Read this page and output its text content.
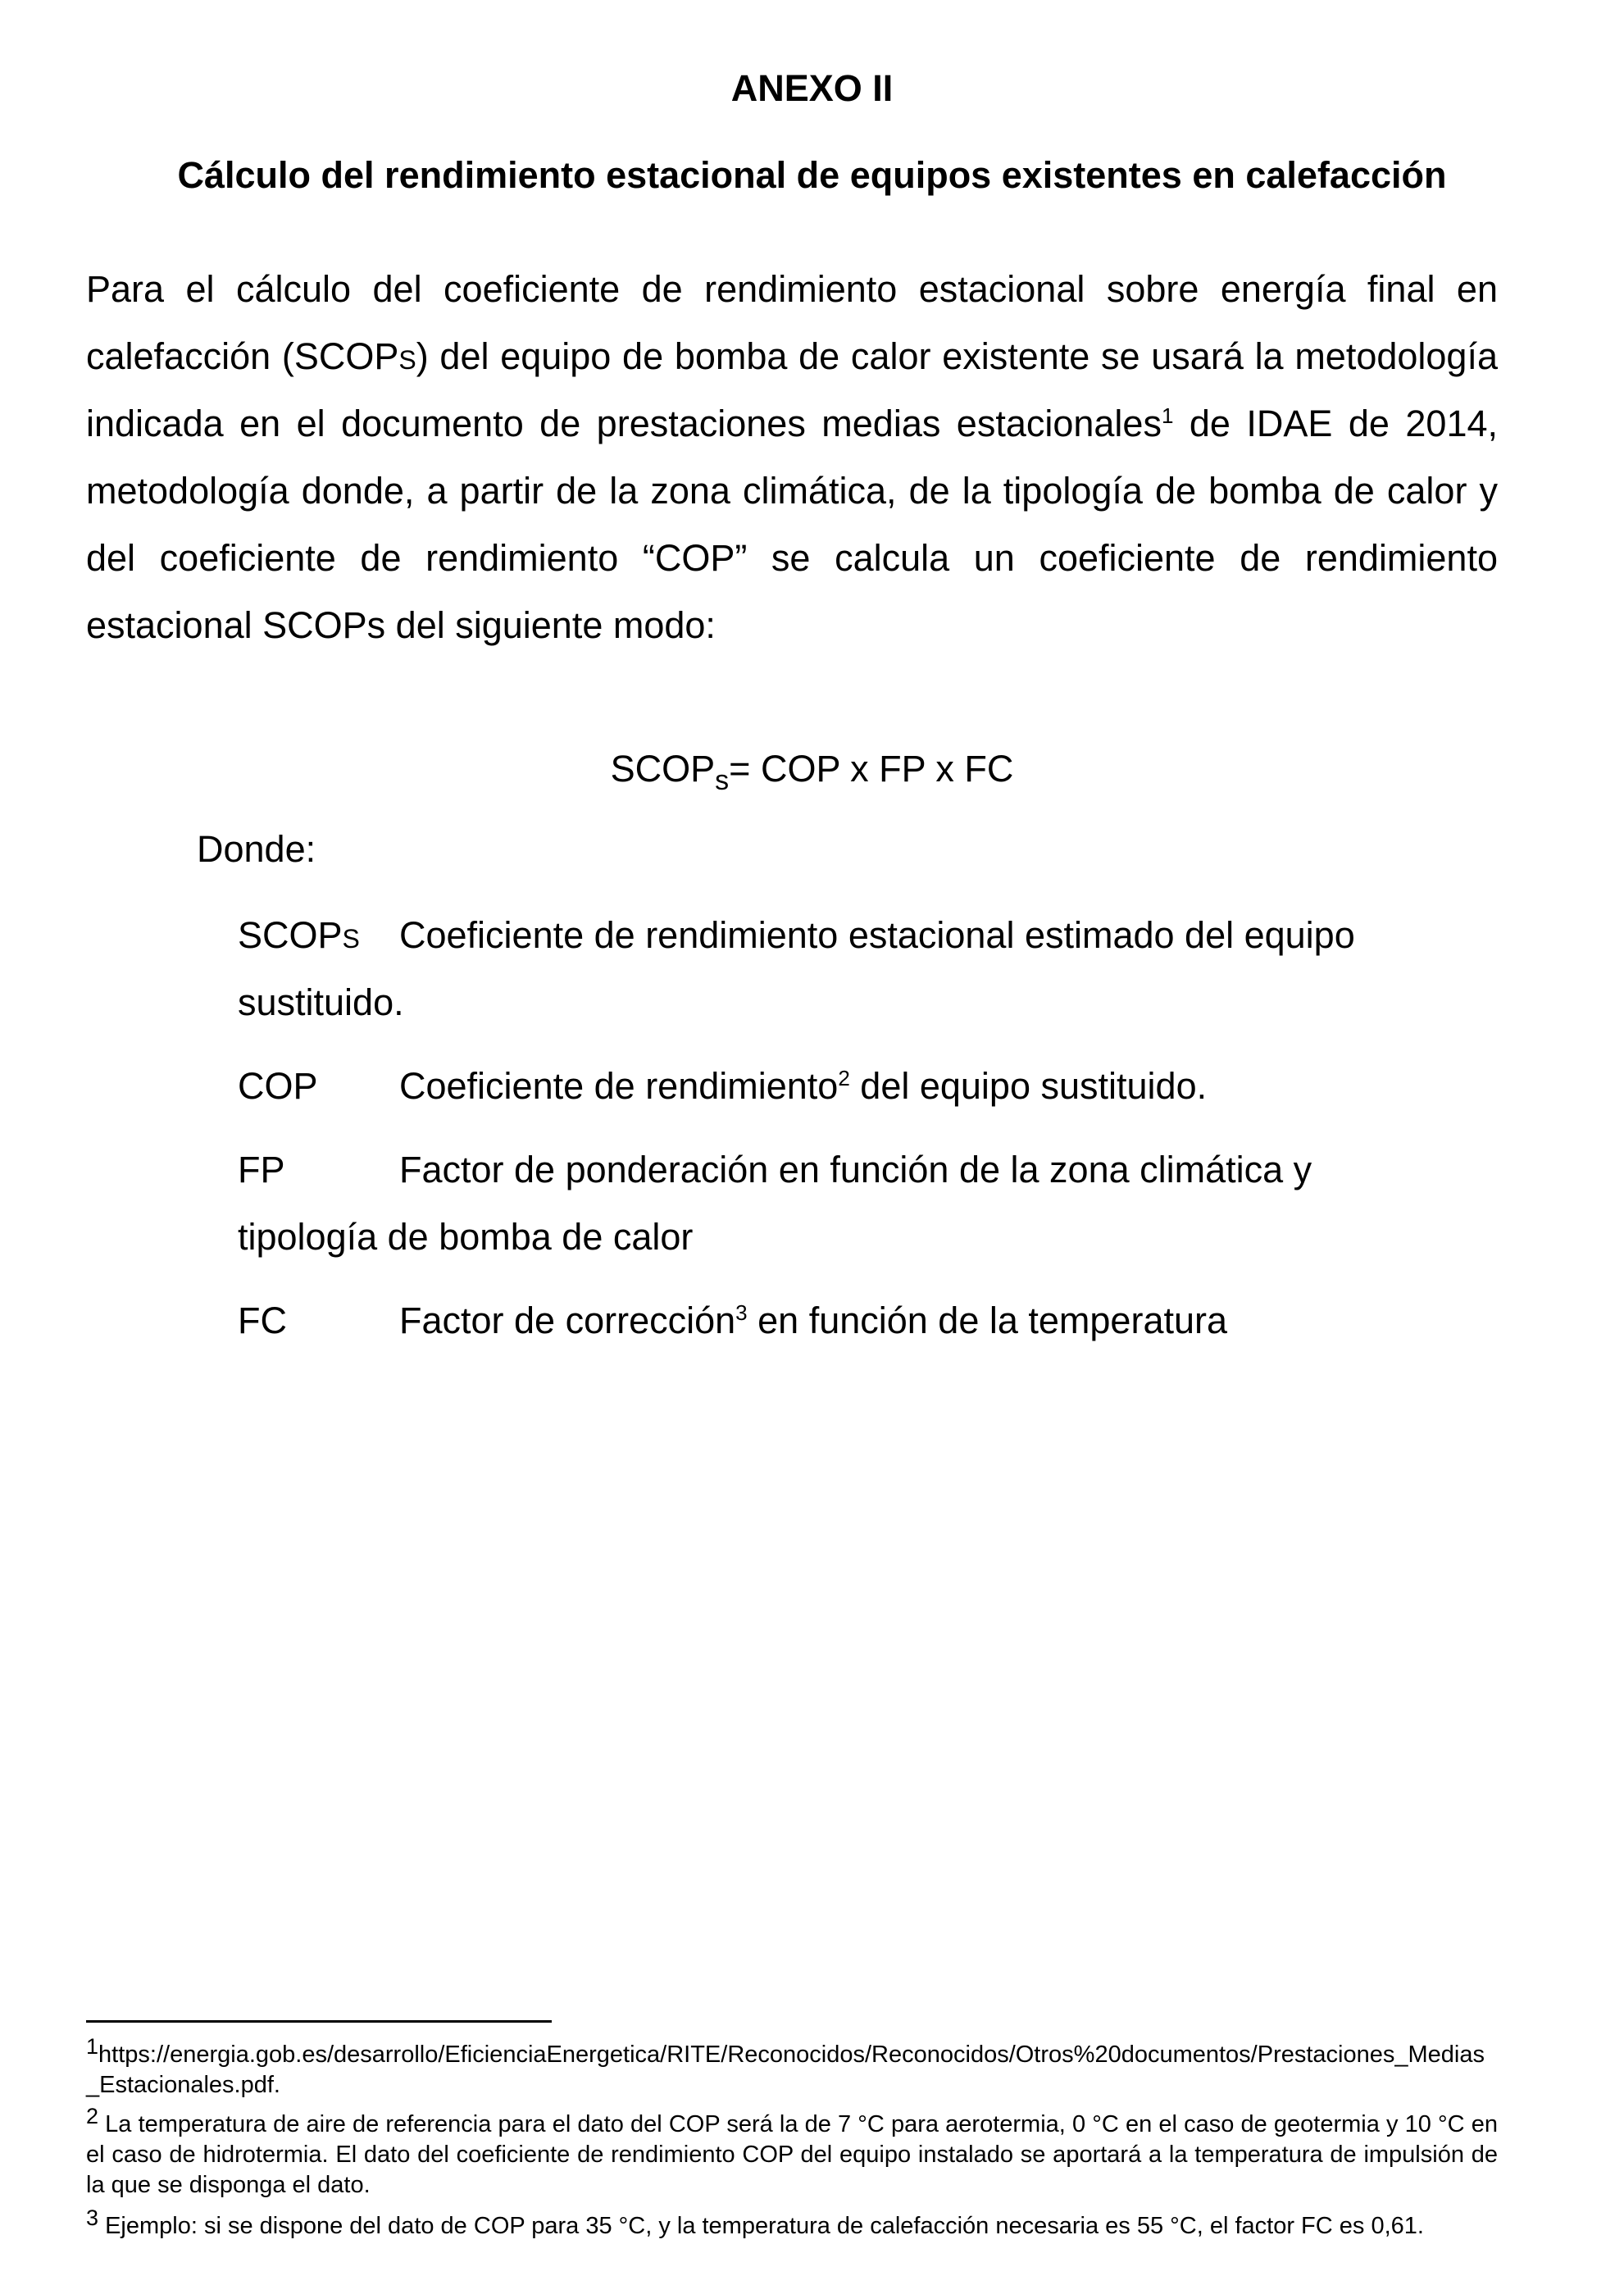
ANEXO II
Cálculo del rendimiento estacional de equipos existentes en calefacción
Para el cálculo del coeficiente de rendimiento estacional sobre energía final en calefacción (SCOPS) del equipo de bomba de calor existente se usará la metodología indicada en el documento de prestaciones medias estacionales$^1$ de IDAE de 2014, metodología donde, a partir de la zona climática, de la tipología de bomba de calor y del coeficiente de rendimiento “COP” se calcula un coeficiente de rendimiento estacional SCOPs del siguiente modo:
$SCOP_s=$ COP x FP x FC
Donde:
SCOPS Coeficiente de rendimiento estacional estimado del equipo sustituido.
COP Coeficiente de rendimiento$^2$ del equipo sustituido.
FP	Factor de ponderación en función de la zona climática y tipología de bomba de calor
FC	Factor de corrección$^3$ en función de la temperatura
1https://energia.gob.es/desarrollo/EficienciaEnergetica/RITE/Reconocidos/Reconocidos/Otros%20documentos/Prestaciones_Medias_Estacionales.pdf.
2 La temperatura de aire de referencia para el dato del COP será la de 7 °C para aerotermia, 0 °C en el caso de geotermia y 10 °C en el caso de hidrotermia. El dato del coeficiente de rendimiento COP del equipo instalado se aportará a la temperatura de impulsión de la que se disponga el dato.
3 Ejemplo: si se dispone del dato de COP para 35 °C, y la temperatura de calefacción necesaria es 55 °C, el factor FC es 0,61.
